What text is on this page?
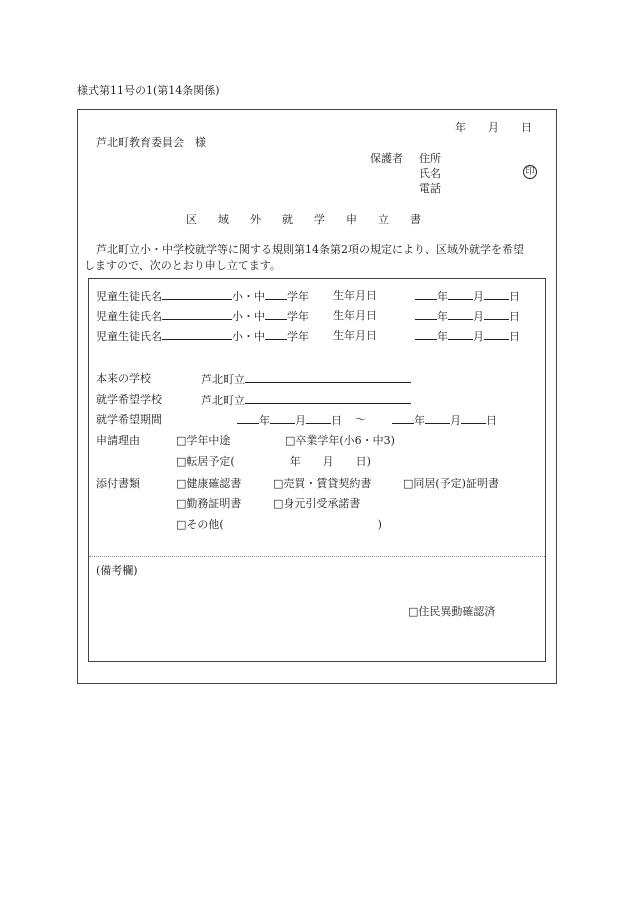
様式第11号の1(第14条関係)
年　　月　　日
芦北町教育委員会　様
保護者 住所
氏名	印
電話
区域外就学申立書
芦北町立小・中学校就学等に関する規則第14条第2項の規定により、区域外就学を希望
しますので、次のとおり申し立てます。
児童生徒氏名	小・中 学年 生年月日	年 月 日
児童生徒氏名	小・中 学年 生年月日	年 月 日
児童生徒氏名	小・中 学年 生年月日	年 月 日
本来の学校	芦北町立
就学希望学校	芦北町立
就学希望期間	年 月 日 〜	年 月 日
申請理由	□学年中途	□卒業学年(小6・中3)
□転居予定(　　　　　年　　月　　日)
添付書類	□健康確認書	□売買・賃貸契約書	□同居(予定)証明書
□勤務証明書	□身元引受承諾書
□その他(　　　　　　　　　　　　　　)
(備考欄)
□住民異動確認済
